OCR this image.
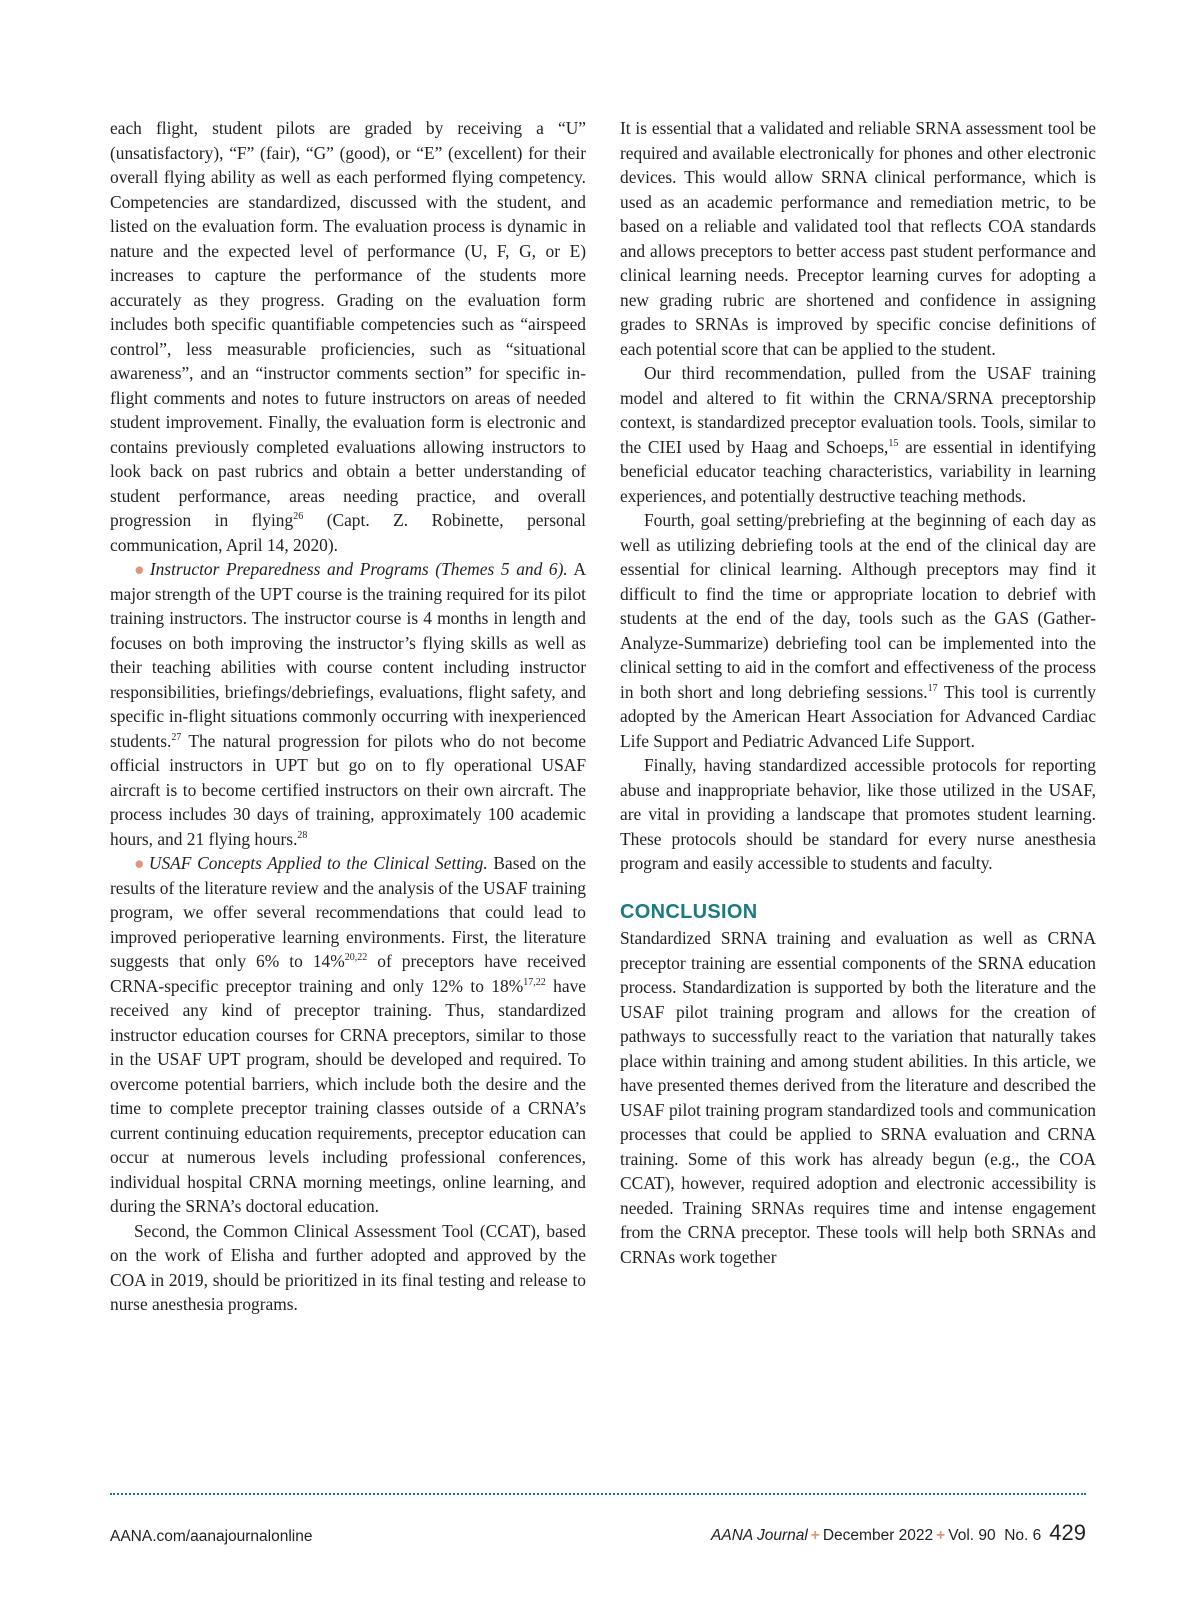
each flight, student pilots are graded by receiving a “U” (unsatisfactory), “F” (fair), “G” (good), or “E” (excellent) for their overall flying ability as well as each performed flying competency. Competencies are standardized, discussed with the student, and listed on the evaluation form. The evaluation process is dynamic in nature and the expected level of performance (U, F, G, or E) increases to capture the performance of the students more accurately as they progress. Grading on the evaluation form includes both specific quantifiable competencies such as “airspeed control”, less measurable proficiencies, such as “situational awareness”, and an “instructor comments section” for specific in-flight comments and notes to future instructors on areas of needed student improvement. Finally, the evaluation form is electronic and contains previously completed evaluations allowing instructors to look back on past rubrics and obtain a better understanding of student performance, areas needing practice, and overall progression in flying$^{26}$ (Capt. Z. Robinette, personal communication, April 14, 2020).

● Instructor Preparedness and Programs (Themes 5 and 6). A major strength of the UPT course is the training required for its pilot training instructors. The instructor course is 4 months in length and focuses on both improving the instructor’s flying skills as well as their teaching abilities with course content including instructor responsibilities, briefings/debriefings, evaluations, flight safety, and specific in-flight situations commonly occurring with inexperienced students.$^{27}$ The natural progression for pilots who do not become official instructors in UPT but go on to fly operational USAF aircraft is to become certified instructors on their own aircraft. The process includes 30 days of training, approximately 100 academic hours, and 21 flying hours.$^{28}$

● USAF Concepts Applied to the Clinical Setting. Based on the results of the literature review and the analysis of the USAF training program, we offer several recommendations that could lead to improved perioperative learning environments. First, the literature suggests that only 6% to 14%$^{20,22}$ of preceptors have received CRNA-specific preceptor training and only 12% to 18%$^{17,22}$ have received any kind of preceptor training. Thus, standardized instructor education courses for CRNA preceptors, similar to those in the USAF UPT program, should be developed and required. To overcome potential barriers, which include both the desire and the time to complete preceptor training classes outside of a CRNA’s current continuing education requirements, preceptor education can occur at numerous levels including professional conferences, individual hospital CRNA morning meetings, online learning, and during the SRNA’s doctoral education.

Second, the Common Clinical Assessment Tool (CCAT), based on the work of Elisha and further adopted and approved by the COA in 2019, should be prioritized in its final testing and release to nurse anesthesia programs.

It is essential that a validated and reliable SRNA assessment tool be required and available electronically for phones and other electronic devices. This would allow SRNA clinical performance, which is used as an academic performance and remediation metric, to be based on a reliable and validated tool that reflects COA standards and allows preceptors to better access past student performance and clinical learning needs. Preceptor learning curves for adopting a new grading rubric are shortened and confidence in assigning grades to SRNAs is improved by specific concise definitions of each potential score that can be applied to the student.

Our third recommendation, pulled from the USAF training model and altered to fit within the CRNA/SRNA preceptorship context, is standardized preceptor evaluation tools. Tools, similar to the CIEI used by Haag and Schoeps,$^{15}$ are essential in identifying beneficial educator teaching characteristics, variability in learning experiences, and potentially destructive teaching methods.

Fourth, goal setting/prebriefing at the beginning of each day as well as utilizing debriefing tools at the end of the clinical day are essential for clinical learning. Although preceptors may find it difficult to find the time or appropriate location to debrief with students at the end of the day, tools such as the GAS (Gather-Analyze-Summarize) debriefing tool can be implemented into the clinical setting to aid in the comfort and effectiveness of the process in both short and long debriefing sessions.$^{17}$ This tool is currently adopted by the American Heart Association for Advanced Cardiac Life Support and Pediatric Advanced Life Support.

Finally, having standardized accessible protocols for reporting abuse and inappropriate behavior, like those utilized in the USAF, are vital in providing a landscape that promotes student learning. These protocols should be standard for every nurse anesthesia program and easily accessible to students and faculty.

CONCLUSION

Standardized SRNA training and evaluation as well as CRNA preceptor training are essential components of the SRNA education process. Standardization is supported by both the literature and the USAF pilot training program and allows for the creation of pathways to successfully react to the variation that naturally takes place within training and among student abilities. In this article, we have presented themes derived from the literature and described the USAF pilot training program standardized tools and communication processes that could be applied to SRNA evaluation and CRNA training. Some of this work has already begun (e.g., the COA CCAT), however, required adoption and electronic accessibility is needed. Training SRNAs requires time and intense engagement from the CRNA preceptor. These tools will help both SRNAs and CRNAs work together

AANA.com/aanajournalonline	AANA Journal + December 2022 + Vol. 90  No. 6 429
